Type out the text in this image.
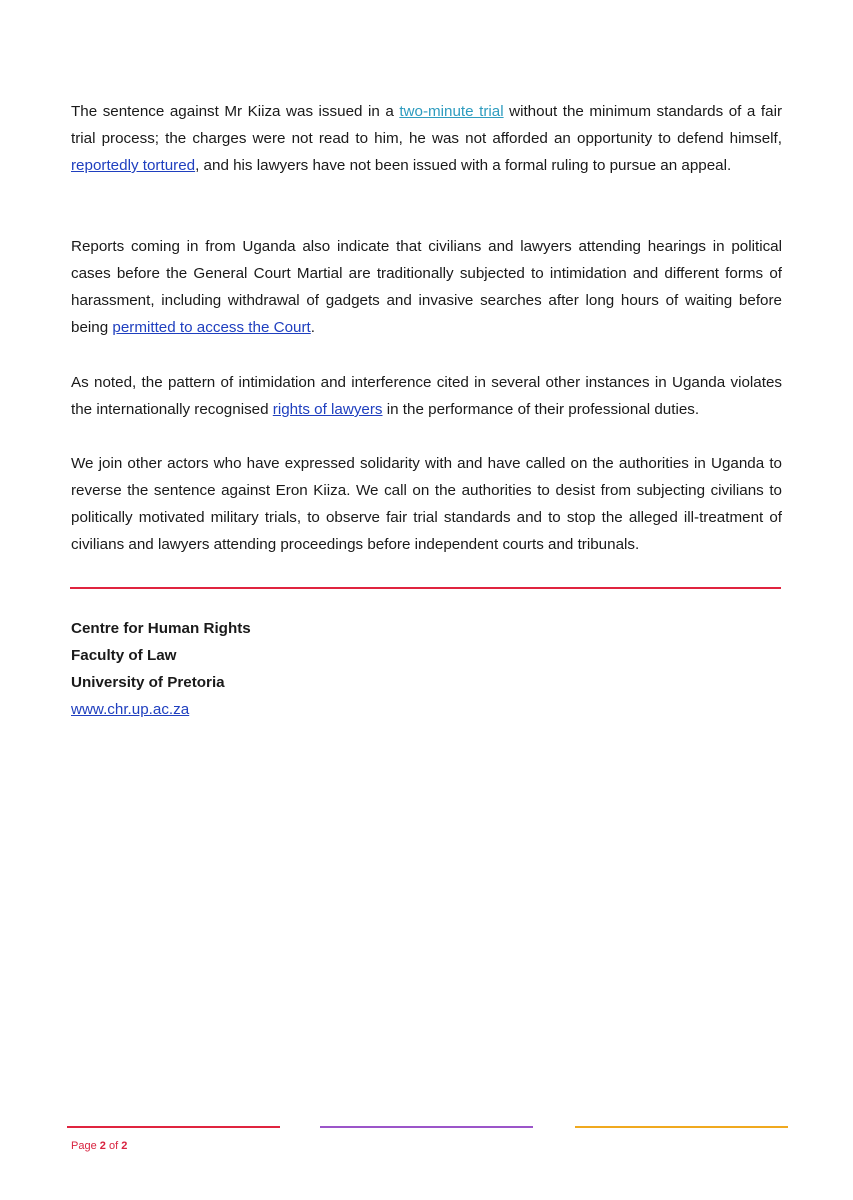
The sentence against Mr Kiiza was issued in a two-minute trial without the minimum standards of a fair trial process; the charges were not read to him, he was not afforded an opportunity to defend himself, reportedly tortured, and his lawyers have not been issued with a formal ruling to pursue an appeal.

Reports coming in from Uganda also indicate that civilians and lawyers attending hearings in political cases before the General Court Martial are traditionally subjected to intimidation and different forms of harassment, including withdrawal of gadgets and invasive searches after long hours of waiting before being permitted to access the Court.

As noted, the pattern of intimidation and interference cited in several other instances in Uganda violates the internationally recognised rights of lawyers in the performance of their professional duties.

We join other actors who have expressed solidarity with and have called on the authorities in Uganda to reverse the sentence against Eron Kiiza. We call on the authorities to desist from subjecting civilians to politically motivated military trials, to observe fair trial standards and to stop the alleged ill-treatment of civilians and lawyers attending proceedings before independent courts and tribunals.

Centre for Human Rights
Faculty of Law
University of Pretoria
www.chr.up.ac.za
Page 2 of 2
